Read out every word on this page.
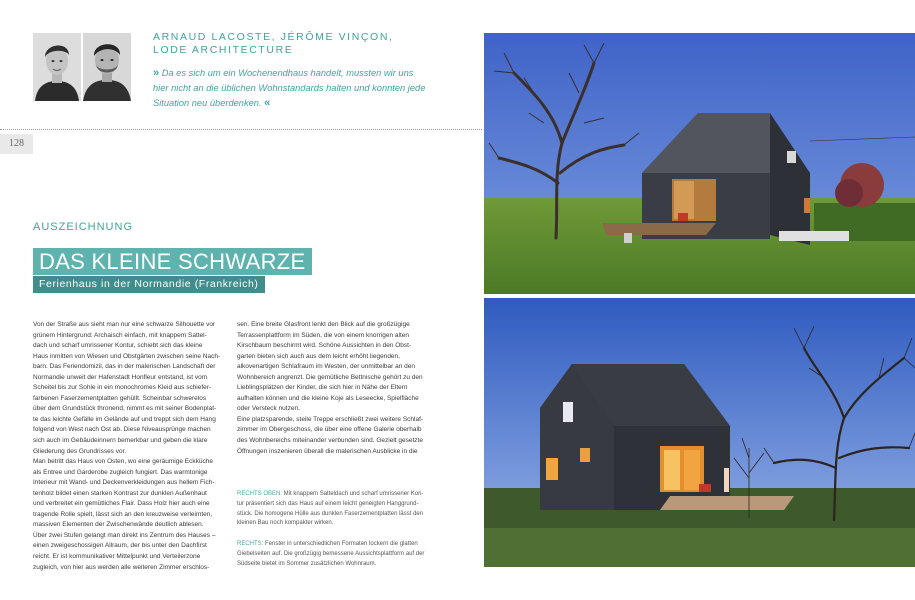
ARNAUD LACOSTE, JÉRÔME VINÇON,
LODE ARCHITECTURE
» Da es sich um ein Wochenendhaus handelt, mussten wir uns
hier nicht an die üblichen Wohnstandards halten und konnten jede
Situation neu überdenken. «
128
AUSZEICHNUNG
DAS KLEINE SCHWARZE
Ferienhaus in der Normandie (Frankreich)
Von der Straße aus sieht man nur eine schwarze Silhouette vor
grünem Hintergrund: Archaisch einfach, mit knappem Sattel-
dach und scharf umrissener Kontur, schiebt sich das kleine
Haus inmitten von Wiesen und Obstgärten zwischen seine Nach-
barn. Das Feriendomizil, das in der malerischen Landschaft der
Normandie unweit der Hafenstadt Honfleur entstand, ist vom
Scheitel bis zur Sohle in ein monochromes Kleid aus schiefer-
farbenen Faserzementplatten gehüllt. Scheinbar schwerelos
über dem Grundstück thronend, nimmt es mit seiner Bodenplat-
te das leichte Gefälle im Gelände auf und treppt sich dem Hang
folgend von West nach Ost ab. Diese Niveausprünge machen
sich auch im Gebäudeinnern bemerkbar und geben die klare
Gliederung des Grundrisses vor.
Man betritt das Haus von Osten, wo eine geräumige Eckküche
als Entree und Garderobe zugleich fungiert. Das warmtonige
Interieur mit Wand- und Deckenverkleidungen aus hellem Fich-
tenholz bildet einen starken Kontrast zur dunklen Außenhaut
und verbreitet ein gemütliches Flair. Dass Holz hier auch eine
tragende Rolle spielt, lässt sich an den kreuzweise verleimten,
massiven Elementen der Zwischenwände deutlich ablesen.
Über zwei Stufen gelangt man direkt ins Zentrum des Hauses –
einen zweigeschossigen Allraum, der bis unter den Dachfirst
reicht. Er ist kommunikativer Mittelpunkt und Verteilerzone
zugleich, von hier aus werden alle weiteren Zimmer erschlos-
sen. Eine breite Glasfront lenkt den Blick auf die großzügige
Terrassenplattform im Süden, die von einem knorrigen alten
Kirschbaum beschirmt wird. Schöne Aussichten in den Obst-
garten bieten sich auch aus dem leicht erhöht liegenden,
alkovenartigen Schlafraum im Westen, der unmittelbar an den
Wohnbereich angrenzt. Die gemütliche Bettnische gehört zu den
Lieblingsplätzen der Kinder, die sich hier in Nähe der Eltern
aufhalten können und die kleine Koje als Leseecke, Spielfläche
oder Versteck nutzen.
Eine platzsparende, steile Treppe erschließt zwei weitere Schlaf-
zimmer im Obergeschoss, die über eine offene Galerie oberhalb
des Wohnbereichs miteinander verbunden sind. Gezielt gesetzte
Öffnungen inszenieren überall die malerischen Ausblicke in die
RECHTS OBEN: Mit knappem Satteldach und scharf umrissener Kon-
tur präsentiert sich das Haus auf einem leicht geneigten Hanggrund-
stück. Die homogene Hülle aus dunklen Faserzementplatten lässt den
kleinen Bau noch kompakter wirken.
RECHTS: Fenster in unterschiedlichen Formaten lockern die glatten
Giebelseiten auf. Die großzügig bemessene Aussichtsplattform auf der
Südseite bietet im Sommer zusätzlichen Wohnraum.
